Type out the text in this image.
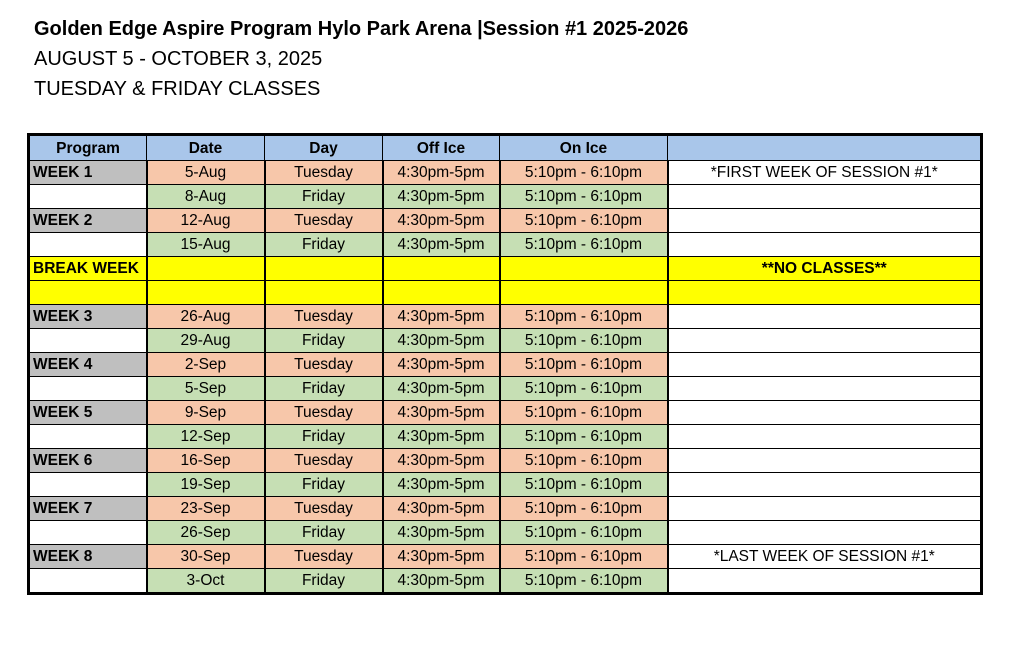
Golden Edge Aspire Program Hylo Park Arena |Session #1 2025-2026
AUGUST 5 - OCTOBER 3, 2025
TUESDAY & FRIDAY CLASSES
Program	Date	Day	Off Ice	On Ice	
WEEK 1	5-Aug	Tuesday	4:30pm-5pm	5:10pm - 6:10pm	*FIRST WEEK OF SESSION #1*
	8-Aug	Friday	4:30pm-5pm	5:10pm - 6:10pm	
WEEK 2	12-Aug	Tuesday	4:30pm-5pm	5:10pm - 6:10pm	
	15-Aug	Friday	4:30pm-5pm	5:10pm - 6:10pm	
BREAK WEEK					**NO CLASSES**

WEEK 3	26-Aug	Tuesday	4:30pm-5pm	5:10pm - 6:10pm	
	29-Aug	Friday	4:30pm-5pm	5:10pm - 6:10pm	
WEEK 4	2-Sep	Tuesday	4:30pm-5pm	5:10pm - 6:10pm	
	5-Sep	Friday	4:30pm-5pm	5:10pm - 6:10pm	
WEEK 5	9-Sep	Tuesday	4:30pm-5pm	5:10pm - 6:10pm	
	12-Sep	Friday	4:30pm-5pm	5:10pm - 6:10pm	
WEEK 6	16-Sep	Tuesday	4:30pm-5pm	5:10pm - 6:10pm	
	19-Sep	Friday	4:30pm-5pm	5:10pm - 6:10pm	
WEEK 7	23-Sep	Tuesday	4:30pm-5pm	5:10pm - 6:10pm	
	26-Sep	Friday	4:30pm-5pm	5:10pm - 6:10pm	
WEEK 8	30-Sep	Tuesday	4:30pm-5pm	5:10pm - 6:10pm	*LAST WEEK OF SESSION #1*
	3-Oct	Friday	4:30pm-5pm	5:10pm - 6:10pm	
